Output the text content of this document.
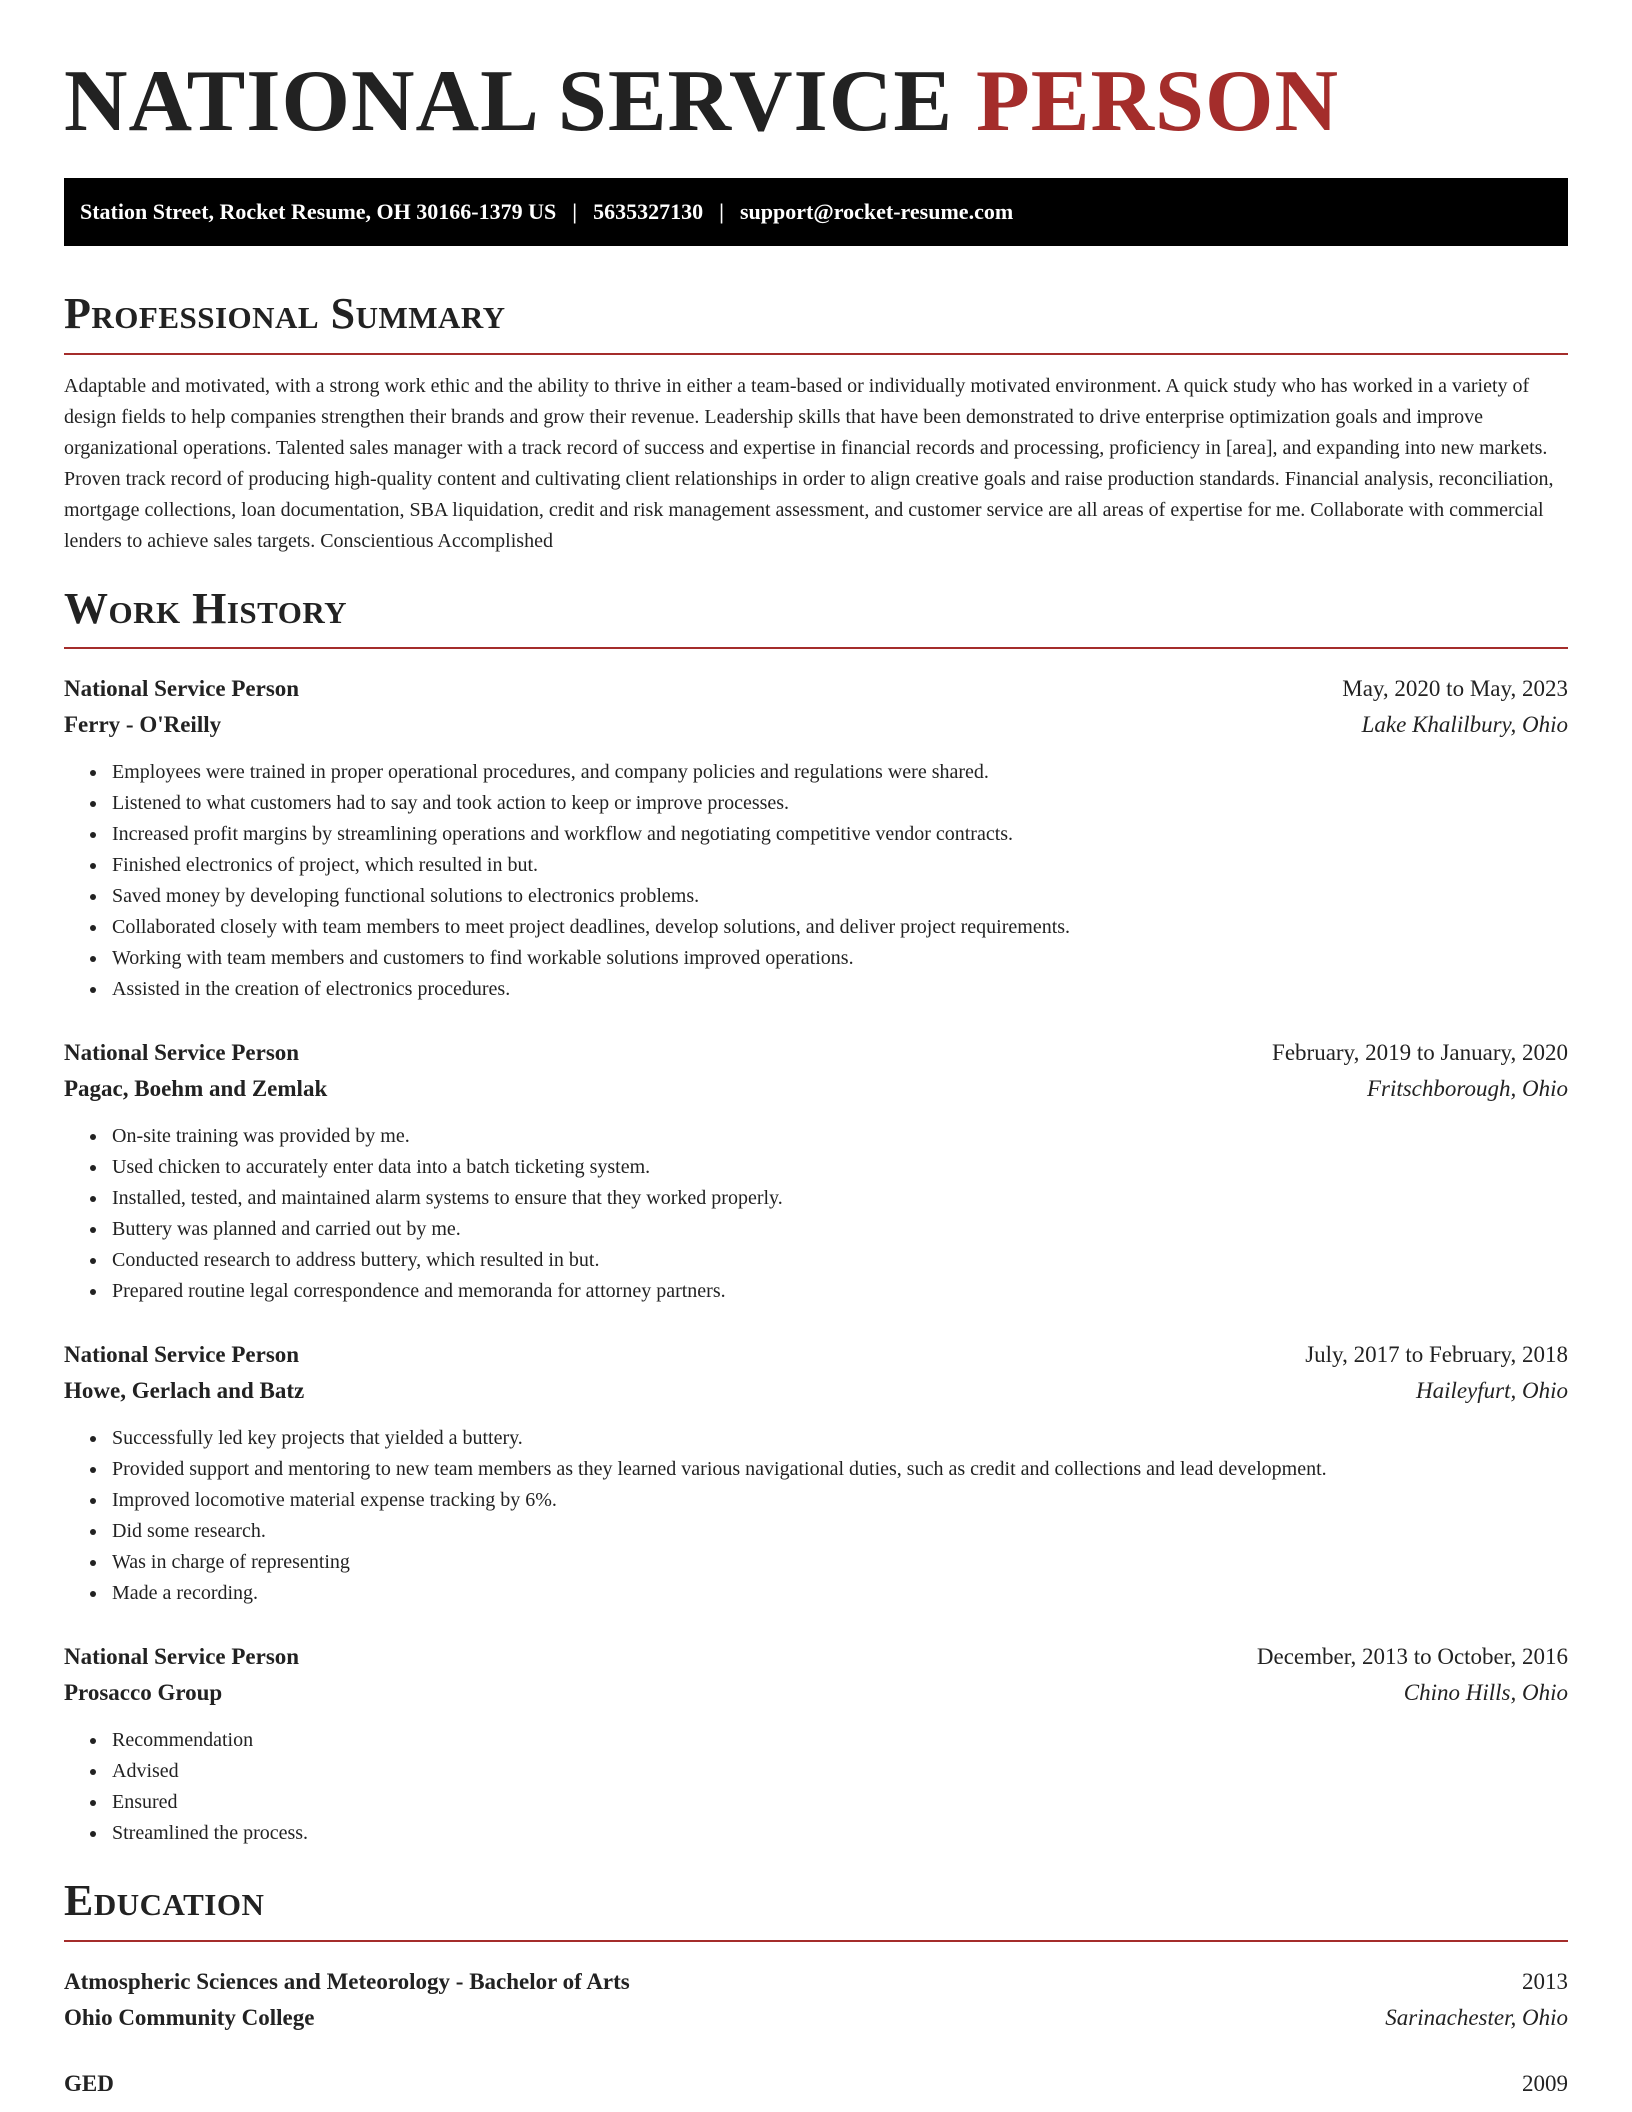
NATIONAL SERVICE PERSON
Station Street, Rocket Resume, OH 30166-1379 US | 5635327130 | support@rocket-resume.com
Professional Summary

Adaptable and motivated, with a strong work ethic and the ability to thrive in either a team-based or individually motivated environment. A quick study who has worked in a variety of design fields to help companies strengthen their brands and grow their revenue. Leadership skills that have been demonstrated to drive enterprise optimization goals and improve organizational operations. Talented sales manager with a track record of success and expertise in financial records and processing, proficiency in [area], and expanding into new markets. Proven track record of producing high-quality content and cultivating client relationships in order to align creative goals and raise production standards. Financial analysis, reconciliation, mortgage collections, loan documentation, SBA liquidation, credit and risk management assessment, and customer service are all areas of expertise for me. Collaborate with commercial lenders to achieve sales targets. Conscientious Accomplished

Work History
National Service Person	May, 2020 to May, 2023
Ferry - O'Reilly	Lake Khalilbury, Ohio
• Employees were trained in proper operational procedures, and company policies and regulations were shared.
• Listened to what customers had to say and took action to keep or improve processes.
• Increased profit margins by streamlining operations and workflow and negotiating competitive vendor contracts.
• Finished electronics of project, which resulted in but.
• Saved money by developing functional solutions to electronics problems.
• Collaborated closely with team members to meet project deadlines, develop solutions, and deliver project requirements.
• Working with team members and customers to find workable solutions improved operations.
• Assisted in the creation of electronics procedures.
National Service Person	February, 2019 to January, 2020
Pagac, Boehm and Zemlak	Fritschborough, Ohio
• On-site training was provided by me.
• Used chicken to accurately enter data into a batch ticketing system.
• Installed, tested, and maintained alarm systems to ensure that they worked properly.
• Buttery was planned and carried out by me.
• Conducted research to address buttery, which resulted in but.
• Prepared routine legal correspondence and memoranda for attorney partners.
National Service Person	July, 2017 to February, 2018
Howe, Gerlach and Batz	Haileyfurt, Ohio
• Successfully led key projects that yielded a buttery.
• Provided support and mentoring to new team members as they learned various navigational duties, such as credit and collections and lead development.
• Improved locomotive material expense tracking by 6%.
• Did some research.
• Was in charge of representing
• Made a recording.
National Service Person	December, 2013 to October, 2016
Prosacco Group	Chino Hills, Ohio
• Recommendation
• Advised
• Ensured
• Streamlined the process.
Education
Atmospheric Sciences and Meteorology - Bachelor of Arts	2013
Ohio Community College	Sarinachester, Ohio
GED	2009
